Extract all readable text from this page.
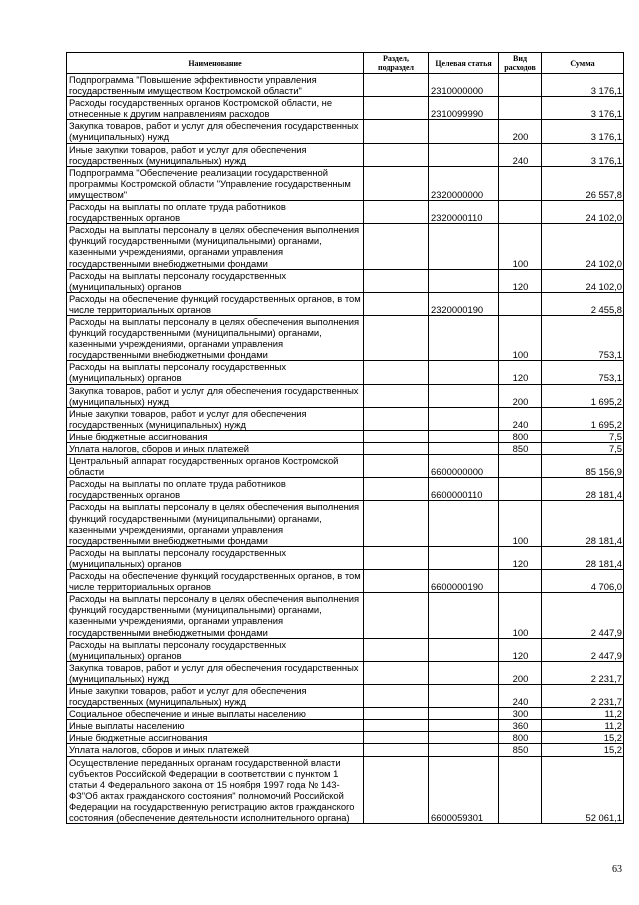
Наименование	Раздел, подраздел	Целевая статья	Вид расходов	Сумма
Подпрограмма "Повышение эффективности управления государственным имуществом Костромской области"		2310000000		3 176,1
Расходы государственных органов Костромской области, не отнесенные к другим направлениям расходов		2310099990		3 176,1
Закупка товаров, работ и услуг для обеспечения государственных (муниципальных) нужд			200	3 176,1
Иные закупки товаров, работ и услуг для обеспечения государственных (муниципальных) нужд			240	3 176,1
Подпрограмма "Обеспечение реализации государственной программы Костромской области "Управление государственным имуществом"		2320000000		26 557,8
Расходы на выплаты по оплате труда работников государственных органов		2320000110		24 102,0
Расходы на выплаты персоналу в целях обеспечения выполнения функций государственными (муниципальными) органами, казенными учреждениями, органами управления государственными внебюджетными фондами			100	24 102,0
Расходы на выплаты персоналу государственных (муниципальных) органов			120	24 102,0
Расходы на обеспечение функций государственных органов, в том числе территориальных органов		2320000190		2 455,8
Расходы на выплаты персоналу в целях обеспечения выполнения функций государственными (муниципальными) органами, казенными учреждениями, органами управления государственными внебюджетными фондами			100	753,1
Расходы на выплаты персоналу государственных (муниципальных) органов			120	753,1
Закупка товаров, работ и услуг для обеспечения государственных (муниципальных) нужд			200	1 695,2
Иные закупки товаров, работ и услуг для обеспечения государственных (муниципальных) нужд			240	1 695,2
Иные бюджетные ассигнования			800	7,5
Уплата налогов, сборов и иных платежей			850	7,5
Центральный аппарат государственных органов Костромской области		6600000000		85 156,9
Расходы на выплаты по оплате труда работников государственных органов		6600000110		28 181,4
Расходы на выплаты персоналу в целях обеспечения выполнения функций государственными (муниципальными) органами, казенными учреждениями, органами управления государственными внебюджетными фондами			100	28 181,4
Расходы на выплаты персоналу государственных (муниципальных) органов			120	28 181,4
Расходы на обеспечение функций государственных органов, в том числе территориальных органов		6600000190		4 706,0
Расходы на выплаты персоналу в целях обеспечения выполнения функций государственными (муниципальными) органами, казенными учреждениями, органами управления государственными внебюджетными фондами			100	2 447,9
Расходы на выплаты персоналу государственных (муниципальных) органов			120	2 447,9
Закупка товаров, работ и услуг для обеспечения государственных (муниципальных) нужд			200	2 231,7
Иные закупки товаров, работ и услуг для обеспечения государственных (муниципальных) нужд			240	2 231,7
Социальное обеспечение и иные выплаты населению			300	11,2
Иные выплаты населению			360	11,2
Иные бюджетные ассигнования			800	15,2
Уплата налогов, сборов и иных платежей			850	15,2
Осуществление переданных органам государственной власти субъектов Российской Федерации в соответствии с пунктом 1 статьи 4 Федерального закона от 15 ноября 1997 года № 143-ФЗ"Об актах гражданского состояния" полномочий Российской Федерации на государственную регистрацию актов гражданского состояния (обеспечение деятельности исполнительного органа)		6600059301		52 061,1
63
